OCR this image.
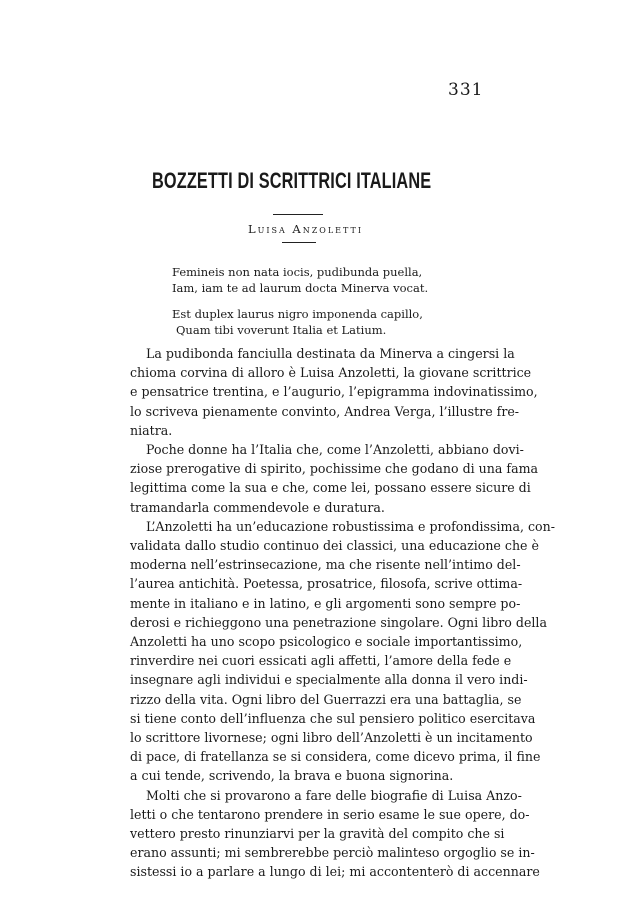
331
BOZZETTI DI SCRITTRICI ITALIANE
Luisa Anzoletti
Femineis non nata iocis, pudibunda puella,
Iam, iam te ad laurum docta Minerva vocat.
Est duplex laurus nigro imponenda capillo,
Quam tibi voverunt Italia et Latium.

La pudibonda fanciulla destinata da Minerva a cingersi la
chioma corvina di alloro è Luisa Anzoletti, la giovane scrittrice
e pensatrice trentina, e l’augurio, l’epigramma indovinatissimo,
lo scriveva pienamente convinto, Andrea Verga, l’illustre fre-
niatra.

Poche donne ha l’Italia che, come l’Anzoletti, abbiano dovi-
ziose prerogative di spirito, pochissime che godano di una fama
legittima come la sua e che, come lei, possano essere sicure di
tramandarla commendevole e duratura.

L’Anzoletti ha un’educazione robustissima e profondissima, con-
validata dallo studio continuo dei classici, una educazione che è
moderna nell’estrinsecazione, ma che risente nell’intimo del-
l’aurea antichità. Poetessa, prosatrice, filosofa, scrive ottima-
mente in italiano e in latino, e gli argomenti sono sempre po-
derosi e richieggono una penetrazione singolare. Ogni libro della
Anzoletti ha uno scopo psicologico e sociale importantissimo,
rinverdire nei cuori essicati agli affetti, l’amore della fede e
insegnare agli individui e specialmente alla donna il vero indi-
rizzo della vita. Ogni libro del Guerrazzi era una battaglia, se
si tiene conto dell’influenza che sul pensiero politico esercitava
lo scrittore livornese; ogni libro dell’Anzoletti è un incitamento
di pace, di fratellanza se si considera, come dicevo prima, il fine
a cui tende, scrivendo, la brava e buona signorina.

Molti che si provarono a fare delle biografie di Luisa Anzo-
letti o che tentarono prendere in serio esame le sue opere, do-
vettero presto rinunziarvi per la gravità del compito che si
erano assunti; mi sembrerebbe perciò malinteso orgoglio se in-
sistessi io a parlare a lungo di lei; mi accontenterò di accennare
